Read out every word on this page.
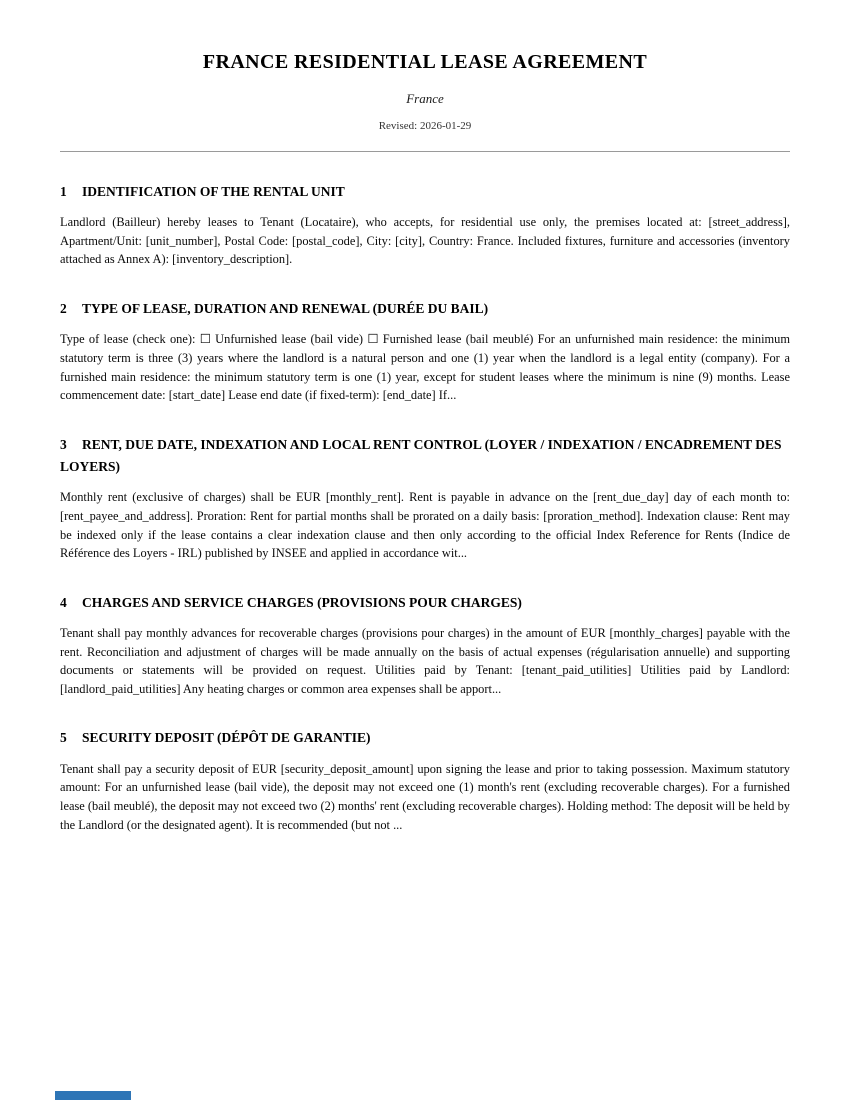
FRANCE RESIDENTIAL LEASE AGREEMENT
France
Revised: 2026-01-29
1 IDENTIFICATION OF THE RENTAL UNIT

Landlord (Bailleur) hereby leases to Tenant (Locataire), who accepts, for residential use only, the premises located at: [street_address], Apartment/Unit: [unit_number], Postal Code: [postal_code], City: [city], Country: France. Included fixtures, furniture and accessories (inventory attached as Annex A): [inventory_description].

2 TYPE OF LEASE, DURATION AND RENEWAL (DURÉE DU BAIL)

Type of lease (check one): ☐ Unfurnished lease (bail vide) ☐ Furnished lease (bail meublé) For an unfurnished main residence: the minimum statutory term is three (3) years where the landlord is a natural person and one (1) year when the landlord is a legal entity (company). For a furnished main residence: the minimum statutory term is one (1) year, except for student leases where the minimum is nine (9) months. Lease commencement date: [start_date] Lease end date (if fixed-term): [end_date] If...

3 RENT, DUE DATE, INDEXATION AND LOCAL RENT CONTROL (LOYER / INDEXATION / ENCADREMENT DES LOYERS)

Monthly rent (exclusive of charges) shall be EUR [monthly_rent]. Rent is payable in advance on the [rent_due_day] day of each month to: [rent_payee_and_address]. Proration: Rent for partial months shall be prorated on a daily basis: [proration_method]. Indexation clause: Rent may be indexed only if the lease contains a clear indexation clause and then only according to the official Index Reference for Rents (Indice de Référence des Loyers - IRL) published by INSEE and applied in accordance wit...

4 CHARGES AND SERVICE CHARGES (PROVISIONS POUR CHARGES)

Tenant shall pay monthly advances for recoverable charges (provisions pour charges) in the amount of EUR [monthly_charges] payable with the rent. Reconciliation and adjustment of charges will be made annually on the basis of actual expenses (régularisation annuelle) and supporting documents or statements will be provided on request. Utilities paid by Tenant: [tenant_paid_utilities] Utilities paid by Landlord: [landlord_paid_utilities] Any heating charges or common area expenses shall be apport...

5 SECURITY DEPOSIT (DÉPÔT DE GARANTIE)

Tenant shall pay a security deposit of EUR [security_deposit_amount] upon signing the lease and prior to taking possession. Maximum statutory amount: For an unfurnished lease (bail vide), the deposit may not exceed one (1) month's rent (excluding recoverable charges). For a furnished lease (bail meublé), the deposit may not exceed two (2) months' rent (excluding recoverable charges). Holding method: The deposit will be held by the Landlord (or the designated agent). It is recommended (but not ...
